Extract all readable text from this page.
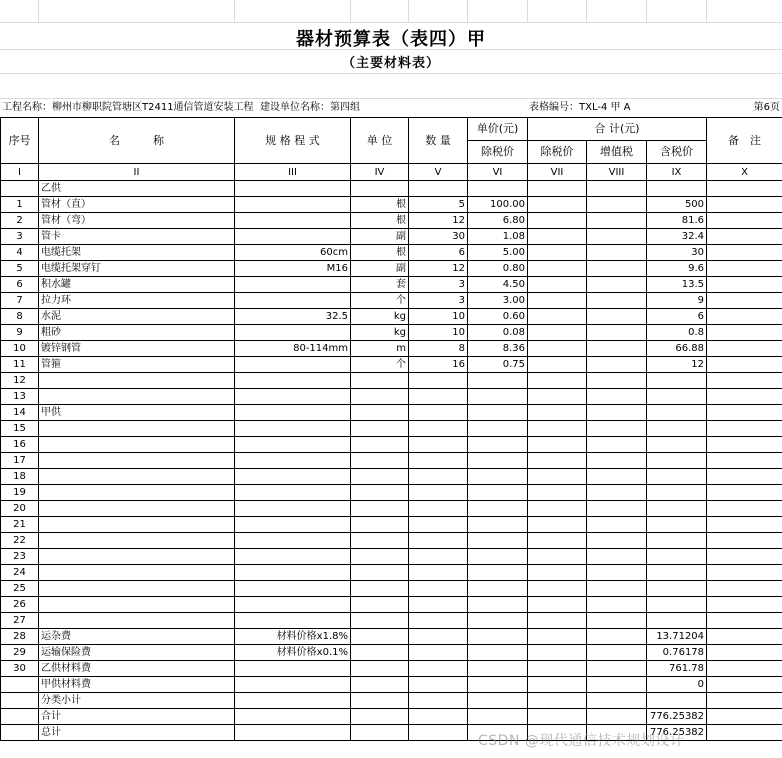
器材预算表（表四）甲
（主要材料表）
工程名称：柳州市柳职院管塘区T2411通信管道安装工程 建设单位名称：第四组	表格编号：TXL-4 甲 A	第6页
序号	名　　　称	规 格 程 式	单 位	数 量	单价(元)	合 计(元)			备　注
					除税价	除税价	增值税	含税价	
I	II	III	IV	V	VI	VII	VIII	IX	X
	乙供								
1	管材（直）		根	5	100.00			500	
2	管材（弯）		根	12	6.80			81.6	
3	管卡		副	30	1.08			32.4	
4	电缆托架	60cm	根	6	5.00			30	
5	电缆托架穿钉	M16	副	12	0.80			9.6	
6	积水罐		套	3	4.50			13.5	
7	拉力环		个	3	3.00			9	
8	水泥	32.5	kg	10	0.60			6	
9	粗砂		kg	10	0.08			0.8	
10	镀锌钢管	80-114mm	m	8	8.36			66.88	
11	管箍		个	16	0.75			12	
12									
13									
14	甲供								
15									
16									
17									
18									
19									
20									
21									
22									
23									
24									
25									
26									
27									
28	运杂费	材料价格x1.8%						13.71204	
29	运输保险费	材料价格x0.1%						0.76178	
30	乙供材料费							761.78	
	甲供材料费							0	
	分类小计								
	合计							776.25382	
	总计							776.25382	
CSDN @现代通信技术规划设计
